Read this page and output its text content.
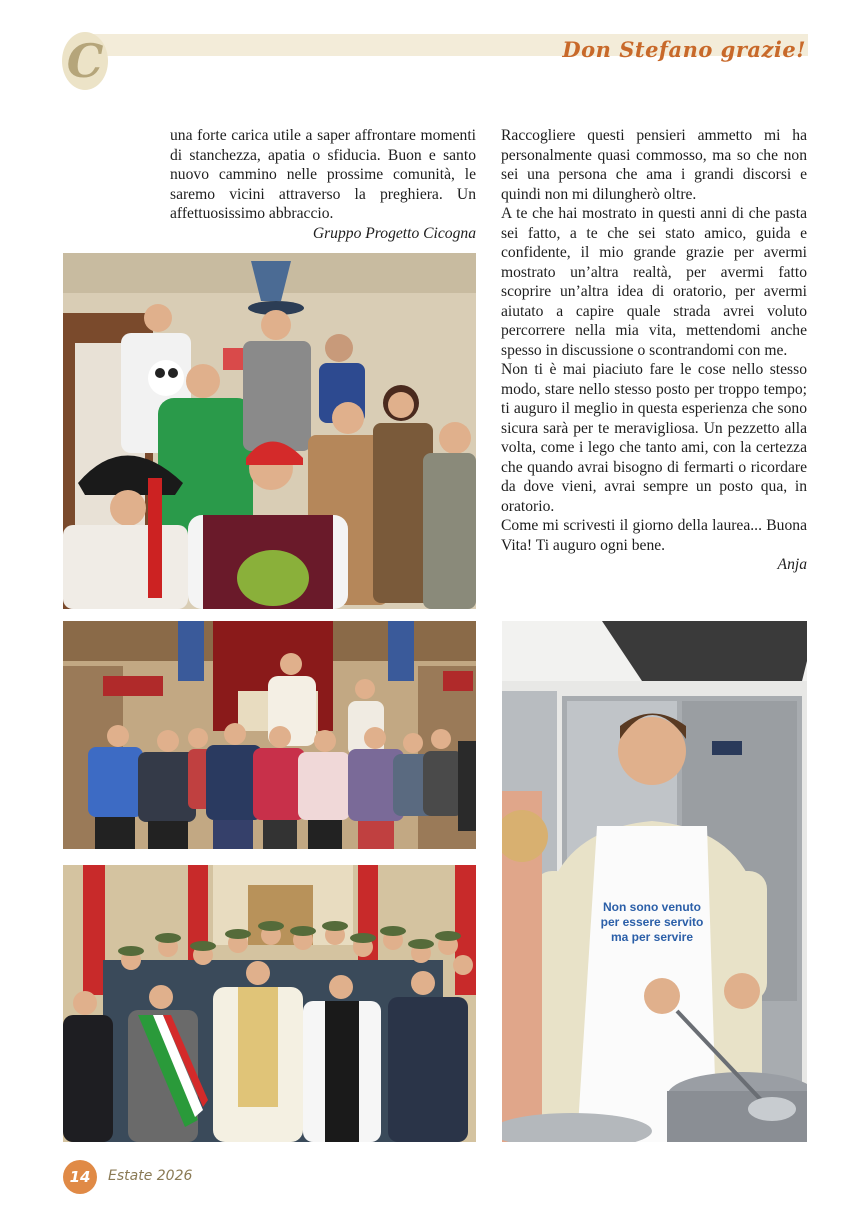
C	Don Stefano grazie!

una forte carica utile a saper affrontare momenti di stanchezza, apatia o sfiducia. Buon e santo nuovo cammino nelle prossime comunità, le saremo vicini attraverso la preghiera. Un affettuosissimo abbraccio.

Gruppo Progetto Cicogna

Raccogliere questi pensieri ammetto mi ha personalmente quasi commosso, ma so che non sei una persona che ama i grandi discorsi e quindi non mi dilungherò oltre.

A te che hai mostrato in questi anni di che pasta sei fatto, a te che sei stato amico, guida e confidente, il mio grande grazie per avermi mostrato un’altra realtà, per avermi fatto scoprire un’altra idea di oratorio, per avermi aiutato a capire quale strada avrei voluto percorrere nella mia vita, mettendomi anche spesso in discussione o scontrandomi con me.

Non ti è mai piaciuto fare le cose nello stesso modo, stare nello stesso posto per troppo tempo; ti auguro il meglio in questa esperienza che sono sicura sarà per te meravigliosa. Un pezzetto alla volta, come i lego che tanto ami, con la certezza che quando avrai bisogno di fermarti o ricordare da dove vieni, avrai sempre un posto qua, in oratorio.

Come mi scrivesti il giorno della laurea... Buona Vita! Ti auguro ogni bene.

Anja

Non sono venuto
per essere servito
ma per servire
14	Estate 2026
